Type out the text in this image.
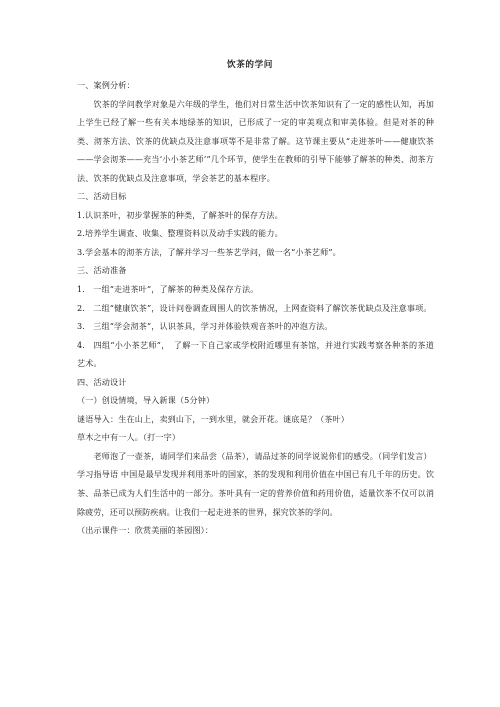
饮茶的学问

一、案例分析：

饮茶的学问教学对象是六年级的学生，他们对日常生活中饮茶知识有了一定的感性认知，再加上学生已经了解一些有关本地绿茶的知识，已形成了一定的审美观点和审美体验。但是对茶的种类、沏茶方法、饮茶的优缺点及注意事项等不是非常了解。这节课主要从“走进茶叶——健康饮茶——学会沏茶——充当‘小小茶艺师’”几个环节，使学生在教师的引导下能够了解茶的种类、沏茶方法、饮茶的优缺点及注意事项，学会茶艺的基本程序。

二、活动目标

1.认识茶叶，初步掌握茶的种类，了解茶叶的保存方法。

2.培养学生调查、收集、整理资料以及动手实践的能力。

3.学会基本的沏茶方法，了解并学习一些茶艺学问，做一名“小茶艺师”。

三、活动准备

1.　一组“走进茶叶”，了解茶的种类及保存方法。

2.　二组“健康饮茶”，设计问卷调查周围人的饮茶情况，上网查资料了解饮茶优缺点及注意事项。

3.　三组“学会沏茶”，认识茶具，学习并体验铁观音茶叶的冲泡方法。

4.　四组“小小茶艺师”，　了解一下自己家或学校附近哪里有茶馆，并进行实践考察各种茶的茶道艺术。

四、活动设计

（一）创设情境，导入新课（5分钟）

谜语导入：生在山上，卖到山下，一到水里，就会开花。谜底是？（茶叶）

草木之中有一人。（打一字）

老师泡了一壶茶，请同学们来品尝（品茶），请品过茶的同学说说你们的感受。（同学们发言）

学习指导语 中国是最早发现并利用茶叶的国家，茶的发现和利用价值在中国已有几千年的历史。饮茶、品茶已成为人们生活中的一部分。茶叶具有一定的营养价值和药用价值，适量饮茶不仅可以消除疲劳，还可以预防疾病。让我们一起走进茶的世界，探究饮茶的学问。

（出示课件一：欣赏美丽的茶园图）：
